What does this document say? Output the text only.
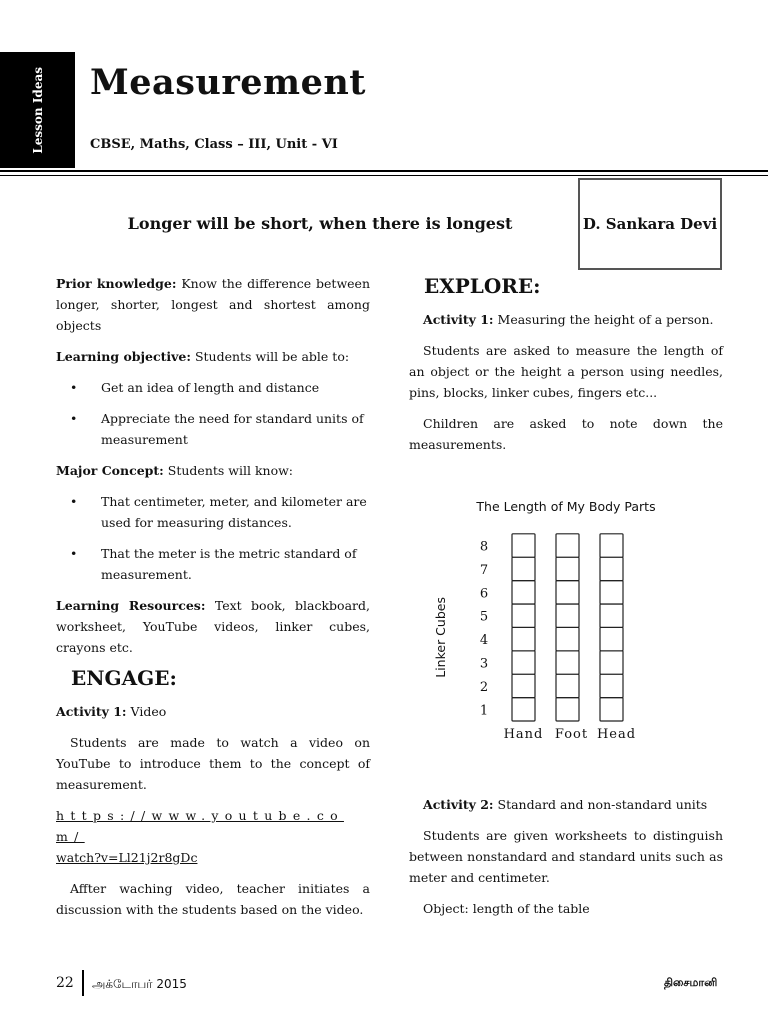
Lesson Ideas Measurement
CBSE, Maths, Class – III, Unit - VI
D. Sankara Devi
Longer will be short, when there is longest

Prior knowledge: Know the difference between longer, shorter, longest and shortest among objects

Learning objective: Students will be able to:

•	Get an idea of length and distance
•	Appreciate the need for standard units of measurement

Major Concept: Students will know:

•	That centimeter, meter, and kilometer are used for measuring distances.
•	That the meter is the metric standard of measurement.

Learning Resources: Text book, blackboard, worksheet, YouTube videos, linker cubes, crayons etc.

ENGAGE:

Activity 1: Video

Students are made to watch a video on YouTube to introduce them to the concept of measurement.

https://www.youtube.com/
watch?v=Ll21j2r8gDc

Affter waching video, teacher initiates a discussion with the students based on the video.

EXPLORE:

Activity 1: Measuring the height of a person.

Students are asked to measure the length of an object or the height a person using needles, pins, blocks, linker cubes, fingers etc...

Children are asked to note down the measurements.

The Length of My Body Parts
Linker Cubes
1
2
3
4
5
6
7
8
Hand Foot Head

Activity 2: Standard and non-standard units

Students are given worksheets to distinguish between nonstandard and standard units such as meter and centimeter.

Object: length of the table

22 அக்டோபர் 2015	திசைமானி
